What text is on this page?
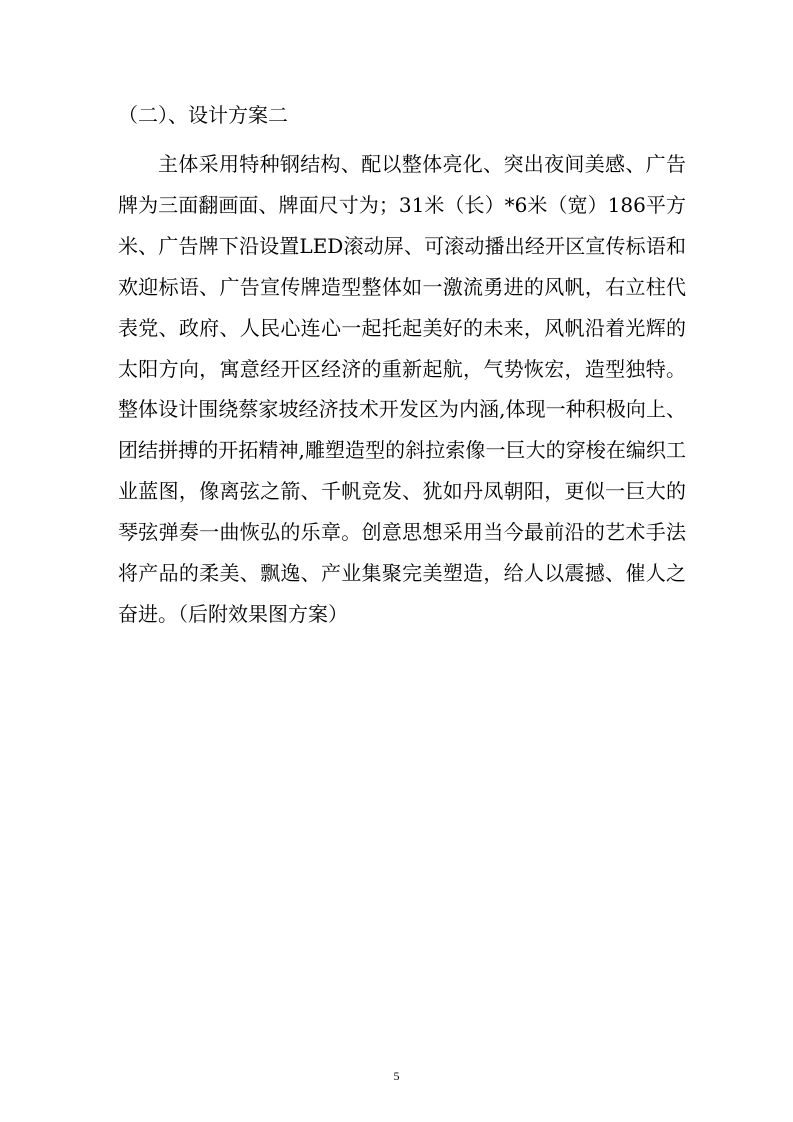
（二）、设计方案二

主体采用特种钢结构、配以整体亮化、突出夜间美感、广告牌为三面翻画面、牌面尺寸为；31米（长）*6米（宽）186平方米、广告牌下沿设置LED滚动屏、可滚动播出经开区宣传标语和欢迎标语、广告宣传牌造型整体如一激流勇进的风帆，右立柱代表党、政府、人民心连心一起托起美好的未来，风帆沿着光辉的太阳方向，寓意经开区经济的重新起航，气势恢宏，造型独特。整体设计围绕蔡家坡经济技术开发区为内涵,体现一种积极向上、团结拼搏的开拓精神,雕塑造型的斜拉索像一巨大的穿梭在编织工业蓝图，像离弦之箭、千帆竞发、犹如丹凤朝阳，更似一巨大的琴弦弹奏一曲恢弘的乐章。创意思想采用当今最前沿的艺术手法将产品的柔美、飘逸、产业集聚完美塑造，给人以震撼、催人之奋进。（后附效果图方案）

5
